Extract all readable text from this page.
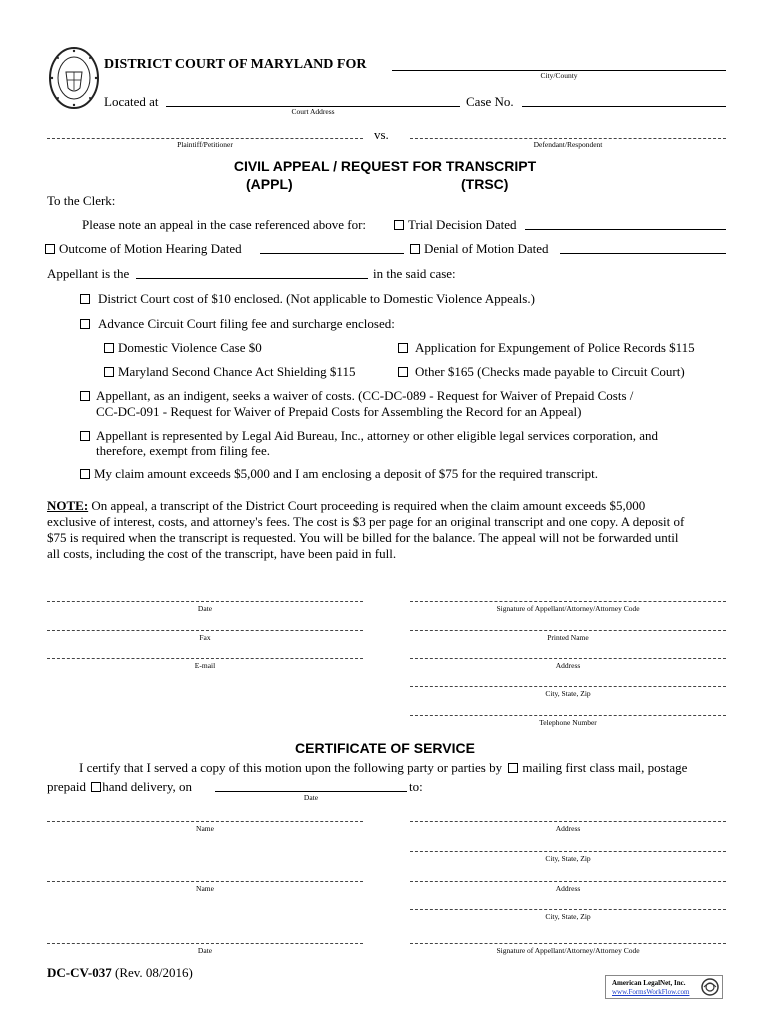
DISTRICT COURT OF MARYLAND FOR
City/County
Located at
Court Address
Case No.
Plaintiff/Petitioner
vs.
Defendant/Respondent
CIVIL APPEAL / REQUEST FOR TRANSCRIPT
(APPL)	(TRSC)
To the Clerk:
Please note an appeal in the case referenced above for:	Trial Decision Dated
Outcome of Motion Hearing Dated	Denial of Motion Dated
Appellant is the	in the said case:
District Court cost of $10 enclosed. (Not applicable to Domestic Violence Appeals.)
Advance Circuit Court filing fee and surcharge enclosed:
Domestic Violence Case $0	Application for Expungement of Police Records $115
Maryland Second Chance Act Shielding $115	Other $165 (Checks made payable to Circuit Court)
Appellant, as an indigent, seeks a waiver of costs. (CC-DC-089 - Request for Waiver of Prepaid Costs /
CC-DC-091 - Request for Waiver of Prepaid Costs for Assembling the Record for an Appeal)
Appellant is represented by Legal Aid Bureau, Inc., attorney or other eligible legal services corporation, and
therefore, exempt from filing fee.
My claim amount exceeds $5,000 and I am enclosing a deposit of $75 for the required transcript.
NOTE: On appeal, a transcript of the District Court proceeding is required when the claim amount exceeds $5,000
exclusive of interest, costs, and attorney's fees. The cost is $3 per page for an original transcript and one copy. A deposit of
$75 is required when the transcript is requested. You will be billed for the balance. The appeal will not be forwarded until
all costs, including the cost of the transcript, have been paid in full.
Date	Signature of Appellant/Attorney/Attorney Code
Fax	Printed Name
E-mail	Address
City, State, Zip
Telephone Number
CERTIFICATE OF SERVICE
I certify that I served a copy of this motion upon the following party or parties by mailing first class mail, postage
prepaid hand delivery, on
Date
to:
Name	Address
City, State, Zip
Name	Address
City, State, Zip
Date	Signature of Appellant/Attorney/Attorney Code
DC-CV-037 (Rev. 08/2016)
American LegalNet, Inc.
www.FormsWorkFlow.com
